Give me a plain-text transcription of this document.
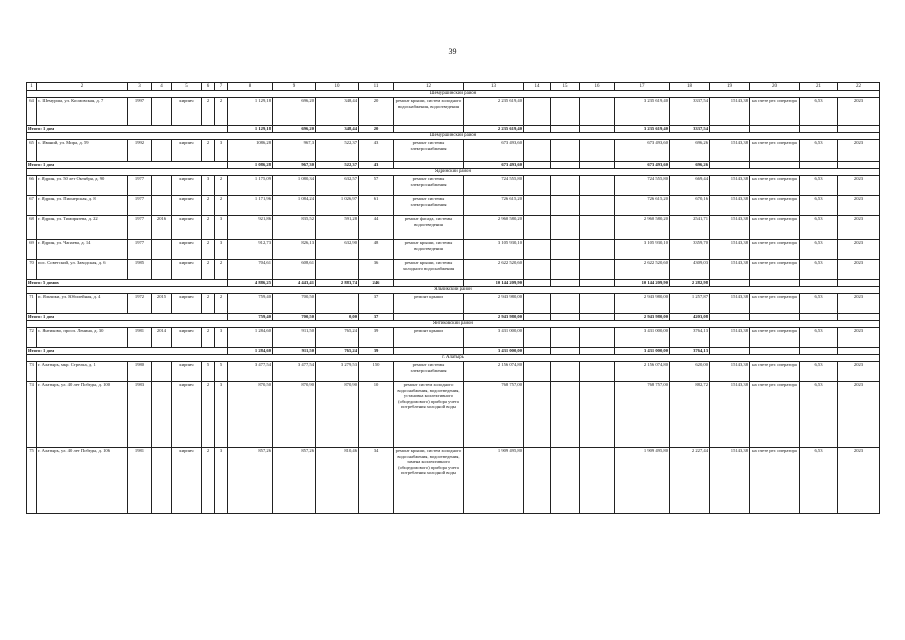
39
1	2	3	4	5	6	7	8	9	10	11	12	13	14	15	16	17	18	19	20	21	22
Шемуршинский район																					
64	с. Шемурша, ул. Космовская, д. 7	1997		кирпич	2	2	1 129,18	696,20	348,44	20	ремонт крыши, систем холодного водоснабжения, водоотведения	2 235 619,40				3 235 619,40	3337,54	15143,38	на счете рег. оператора	6,53	2023
Итого: 1 дом							1 129,18	696,20	348,44	20		2 235 619,40				3 235 619,40	3337,54				
Шемуршинский район																					
65	с. Иваний, ул. Мира, д. 59	1992		кирпич	2	3	1086,28	967,3	522,37	43	ремонт системы электроснабжения	673 493,60				673 493,60	696,26	15143,38	на счете рег. оператора	6,53	2023
Итого: 1 дом							1 086,28	967,30	522,37	43		673 493,60				673 493,60	696,26				
Ядринский район																					
66	г. Ядрин, ул. 50 лет Октября, д. 90	1977		кирпич	3	2	1 175,09	1 080,34	632,57	57	ремонт системы электроснабжения	724 555,80				724 555,80	669,44	15143,38	на счете рег. оператора	6,53	2023
67	г. Ядрин, ул. Пионерская, д. 8	1977		кирпич	2	2	1 171,96	1 084,24	1 026,97	61	ремонт системы электроснабжения	726 615,20				726 615,20	670,16	15143,38	на счете рег. оператора	6,53	2023
68	г. Ядрин, ул. Тимирязева, д. 22	1977	2016	кирпич	2	3	921,86	835,52	591,28	44	ремонт фасада, системы водоотведения	2 960 580,20				2 960 580,20	2541,71	15143,38	на счете рег. оператора	6,53	2023
69	г. Ядрин, ул. Чапаева, д. 14	1977		кирпич	2	3	912,73	826,13	632,90	48	ремонт крыши, системы водоотведения	3 105 930,10				3 105 930,10	3359,70	15143,38	на счете рег. оператора	6,53	2023
70	пос. Советский, ул. Заводская, д. 6	1985		кирпич	2	2	704,61	608,61		36	ремонт крыши, системы холодного водоснабжения	2 622 520,60				2 622 520,60	4309,03	15143,38	на счете рег. оператора	6,53	2023
Итого: 5 домов							4 886,25	4 443,41	2 883,74	246		10 144 209,90				10 144 209,90	2 282,98				
Яльчикский район																					
71	п. Яльчики, ул. Юбилейная, д. 4	1972	2015	кирпич	2	2	759,40	700,50		37	ремонт крыши	2 943 980,00				2 943 980,00	1 257,87	15143,38	на счете рег. оператора	6,53	2023
Итого: 1 дом							759,40	700,50	0,00	37		2 943 980,00				2 943 980,00	4203,08				
Янтиковский район																					
72	с. Янтиково, просп. Ленина, д. 30	1981	2014	кирпич	2	3	1 284,60	911,50	765,24	39	ремонт крыши	3 431 000,00				3 431 000,00	3764,13	15143,38	на счете рег. оператора	6,53	2023
Итого: 1 дом							1 284,60	911,50	765,24	39		3 431 000,00				3 431 000,00	3764,13				
г. Алатырь																					
73	г. Алатырь, мкр. Стрелка, д. 1	1980		кирпич	5	5	3 477,54	3 477,54	3 279,53	150	ремонт системы электроснабжения	2 156 074,80				2 156 074,80	620,00	15143,38	на счете рег. оператора	6,53	2023
74	г. Алатырь, ул. 40 лет Победы, д. 100	1983		кирпич	2	3	870,50	870,90	870,90	10	ремонт систем холодного водоснабжения, водоотведения, установка коллективного (общедомового) прибора учета потребления холодной воды	768 757,00				768 757,00	882,72	15143,38	на счете рег. оператора	6,53	2023
75	г. Алатырь, ул. 40 лет Победы, д. 106	1981		кирпич	2	3	857,26	857,26	810,46	34	ремонт крыши, систем холодного водоснабжения, водоотведения, замена коллективного (общедомового) прибора учета потребления холодной воды	1 909 495,80				1 909 495,80	2 227,44	15143,38	на счете рег. оператора	6,53	2023
